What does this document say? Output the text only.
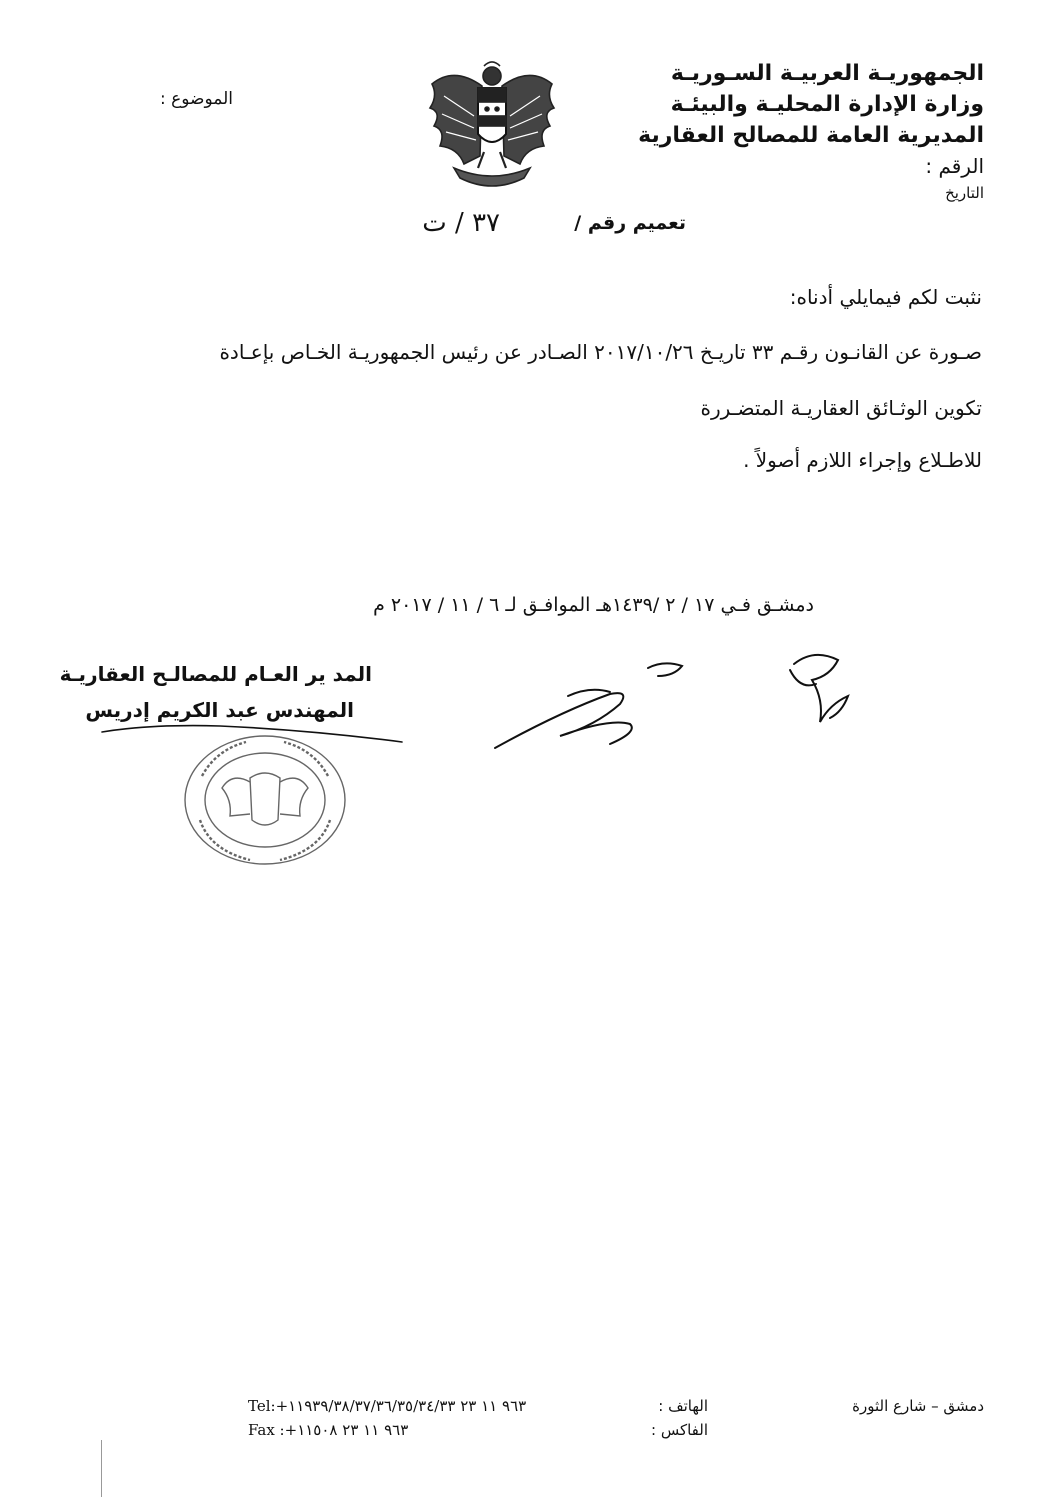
الجمهوريـة العربيـة السـوريـة
وزارة الإدارة المحليـة والبيئـة
المديرية العامة للمصالح العقارية
الرقم :
التاريخ
الموضوع :
تعميم رقم /
٣٧ / ت
نثبت لكم فيمايلي أدناه:
صـورة عن القانـون رقـم ٣٣ تاريـخ ٢٠١٧/١٠/٢٦ الصـادر عن رئيس الجمهوريـة الخـاص بإعـادة
تكوين الوثـائق العقاريـة المتضـررة
للاطـلاع وإجراء اللازم أصولاً .
دمشـق فـي ١٧ / ٢ /١٤٣٩هـ الموافـق لـ ٦ / ١١ / ٢٠١٧ م
المد ير العـام للمصالـح العقاريـة
المهندس عبد الكريم إدريس
دمشق – شارع الثورة
الهاتف :
الفاكس :
Tel:+٩٦٣ ١١ ٢٣ ١١٩٣٩/٣٨/٣٧/٣٦/٣٥/٣٤/٣٣
Fax :+٩٦٣ ١١ ٢٣ ١١٥٠٨
